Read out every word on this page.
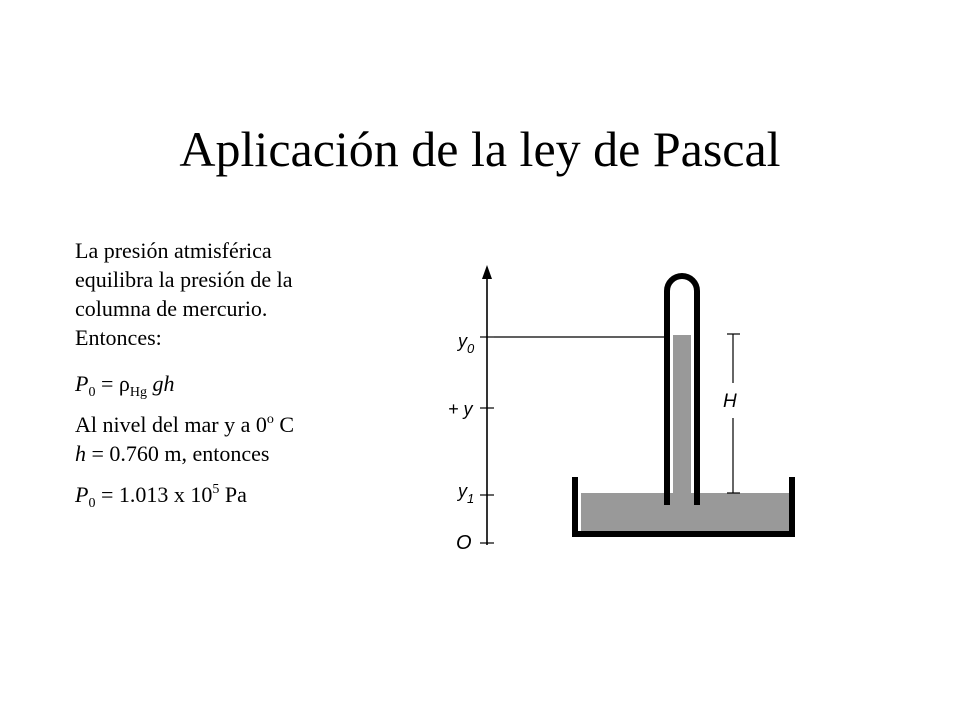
Aplicación de la ley de Pascal

La presión atmisférica
equilibra la presión de la
columna de mercurio.
Entonces:

$P_0 = \rho_{Hg}$ gh

Al nivel del mar y a 0$^o$ C
h = 0.760 m, entonces

$P_0 = 1.013$ x $10^5$ Pa

$y_0$
+ y
$y_1$
O
H
